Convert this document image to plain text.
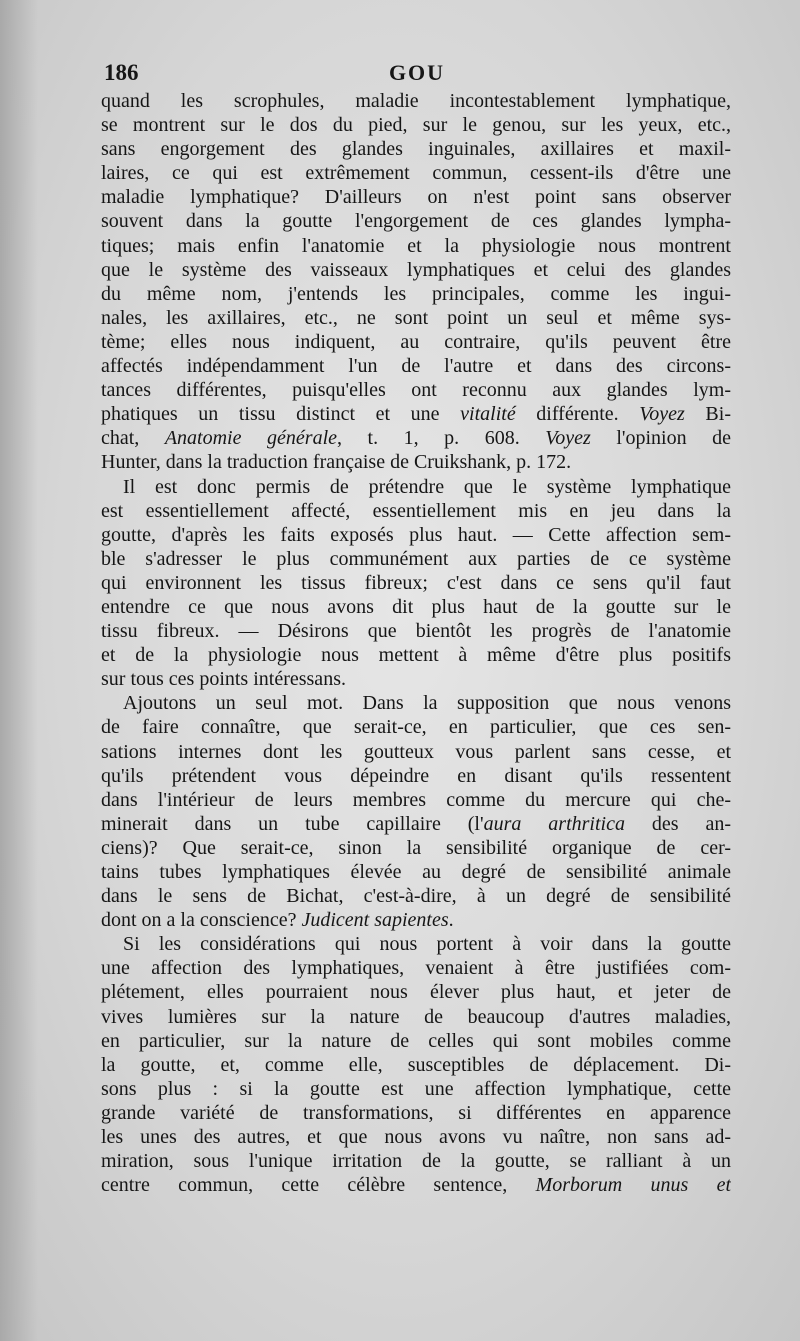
186	GOU
quand les scrophules, maladie incontestablement lymphatique,
se montrent sur le dos du pied, sur le genou, sur les yeux, etc.,
sans engorgement des glandes inguinales, axillaires et maxil-
laires, ce qui est extrêmement commun, cessent-ils d'être une
maladie lymphatique? D'ailleurs on n'est point sans observer
souvent dans la goutte l'engorgement de ces glandes lympha-
tiques; mais enfin l'anatomie et la physiologie nous montrent
que le système des vaisseaux lymphatiques et celui des glandes
du même nom, j'entends les principales, comme les ingui-
nales, les axillaires, etc., ne sont point un seul et même sys-
tème; elles nous indiquent, au contraire, qu'ils peuvent être
affectés indépendamment l'un de l'autre et dans des circons-
tances différentes, puisqu'elles ont reconnu aux glandes lym-
phatiques un tissu distinct et une vitalité différente. Voyez Bi-
chat, Anatomie générale, t. 1, p. 608. Voyez l'opinion de
Hunter, dans la traduction française de Cruikshank, p. 172.
Il est donc permis de prétendre que le système lymphatique
est essentiellement affecté, essentiellement mis en jeu dans la
goutte, d'après les faits exposés plus haut. — Cette affection sem-
ble s'adresser le plus communément aux parties de ce système
qui environnent les tissus fibreux; c'est dans ce sens qu'il faut
entendre ce que nous avons dit plus haut de la goutte sur le
tissu fibreux. — Désirons que bientôt les progrès de l'anatomie
et de la physiologie nous mettent à même d'être plus positifs
sur tous ces points intéressans.
Ajoutons un seul mot. Dans la supposition que nous venons
de faire connaître, que serait-ce, en particulier, que ces sen-
sations internes dont les goutteux vous parlent sans cesse, et
qu'ils prétendent vous dépeindre en disant qu'ils ressentent
dans l'intérieur de leurs membres comme du mercure qui che-
minerait dans un tube capillaire (l'aura arthritica des an-
ciens)? Que serait-ce, sinon la sensibilité organique de cer-
tains tubes lymphatiques élevée au degré de sensibilité animale
dans le sens de Bichat, c'est-à-dire, à un degré de sensibilité
dont on a la conscience? Judicent sapientes.
Si les considérations qui nous portent à voir dans la goutte
une affection des lymphatiques, venaient à être justifiées com-
plétement, elles pourraient nous élever plus haut, et jeter de
vives lumières sur la nature de beaucoup d'autres maladies,
en particulier, sur la nature de celles qui sont mobiles comme
la goutte, et, comme elle, susceptibles de déplacement. Di-
sons plus : si la goutte est une affection lymphatique, cette
grande variété de transformations, si différentes en apparence
les unes des autres, et que nous avons vu naître, non sans ad-
miration, sous l'unique irritation de la goutte, se ralliant à un
centre commun, cette célèbre sentence, Morborum unus et
